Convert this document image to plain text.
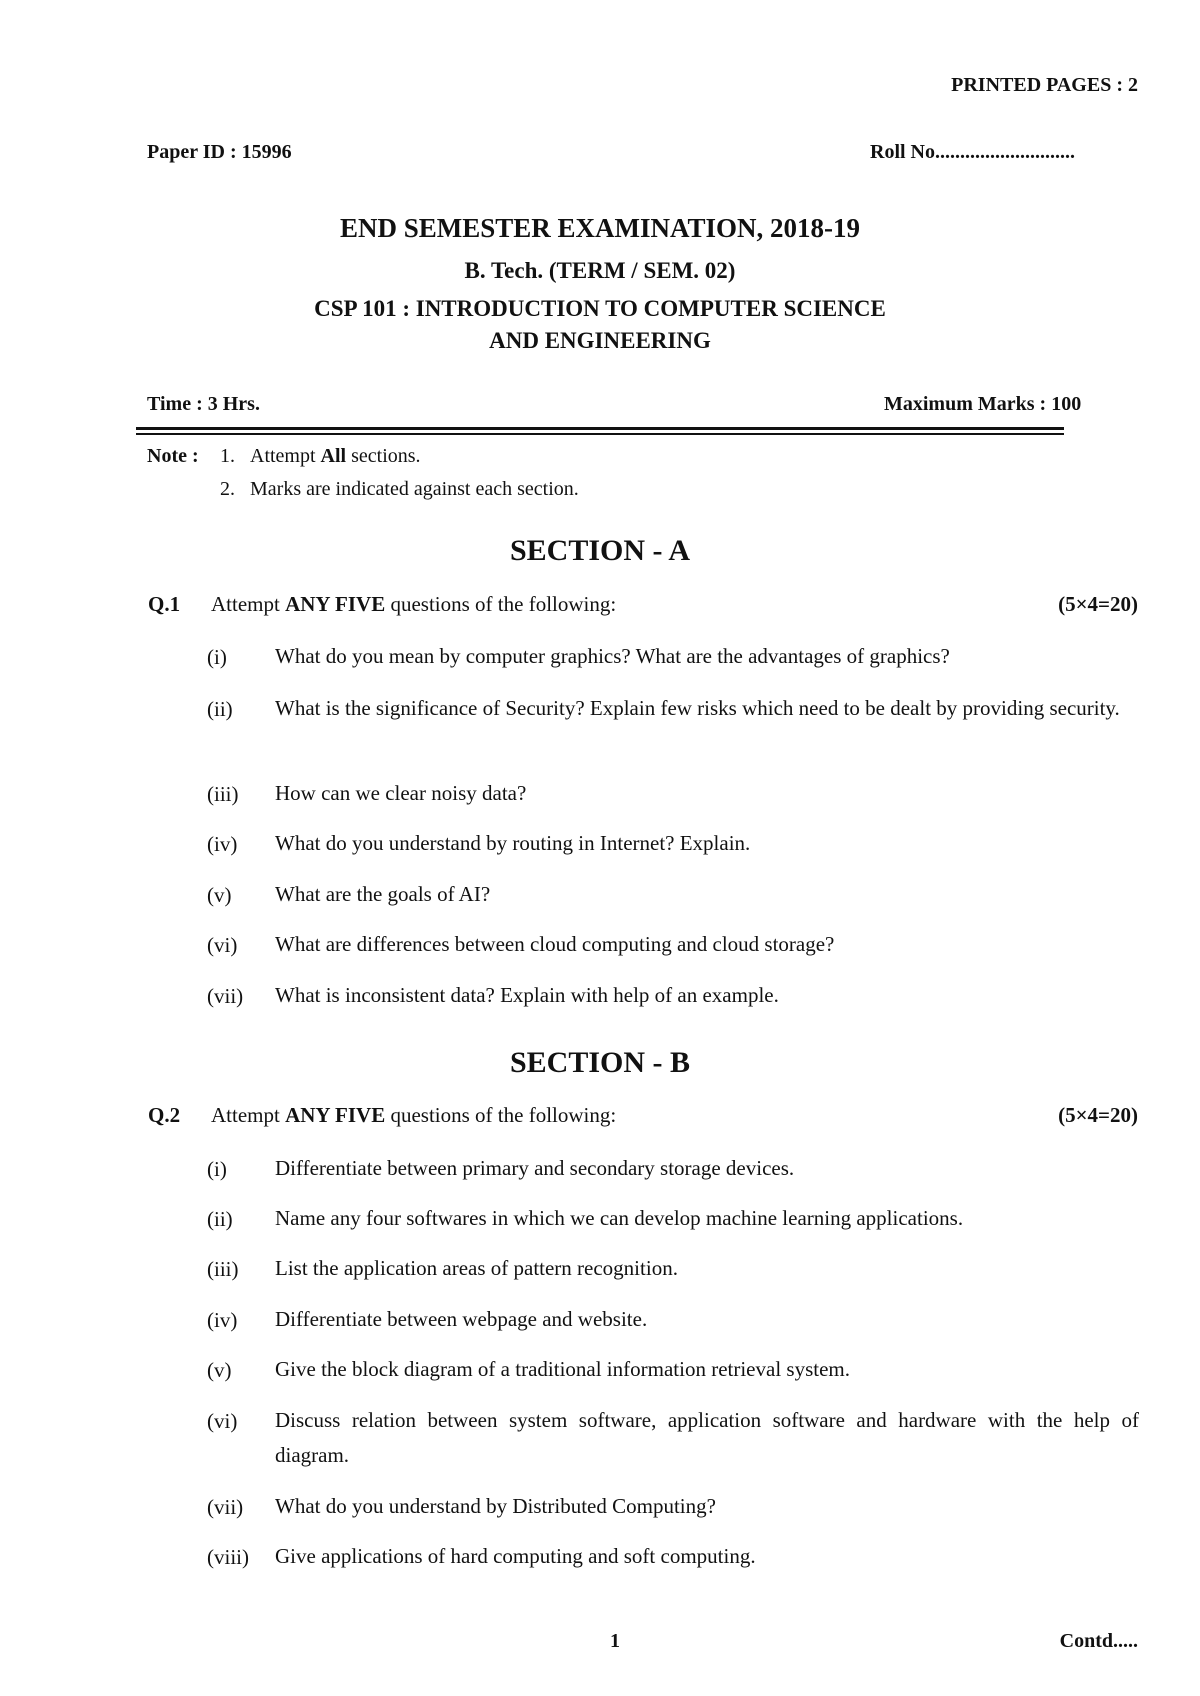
PRINTED PAGES : 2
Paper ID : 15996	Roll No............................
END SEMESTER EXAMINATION, 2018-19
B. Tech. (TERM / SEM. 02)
CSP 101 : INTRODUCTION TO COMPUTER SCIENCE
AND ENGINEERING
Time : 3 Hrs.	Maximum Marks : 100
Note : 1. Attempt All sections.
2. Marks are indicated against each section.
SECTION - A
Q.1 Attempt ANY FIVE questions of the following:	(5×4=20)
(i) What do you mean by computer graphics? What are the advantages of graphics?
(ii) What is the significance of Security? Explain few risks which need to be dealt by providing security.
(iii) How can we clear noisy data?
(iv) What do you understand by routing in Internet? Explain.
(v) What are the goals of AI?
(vi) What are differences between cloud computing and cloud storage?
(vii) What is inconsistent data? Explain with help of an example.
SECTION - B
Q.2 Attempt ANY FIVE questions of the following:	(5×4=20)
(i) Differentiate between primary and secondary storage devices.
(ii) Name any four softwares in which we can develop machine learning applications.
(iii) List the application areas of pattern recognition.
(iv) Differentiate between webpage and website.
(v) Give the block diagram of a traditional information retrieval system.
(vi) Discuss relation between system software, application software and hardware with the help of diagram.
(vii) What do you understand by Distributed Computing?
(viii) Give applications of hard computing and soft computing.
1	Contd.....
